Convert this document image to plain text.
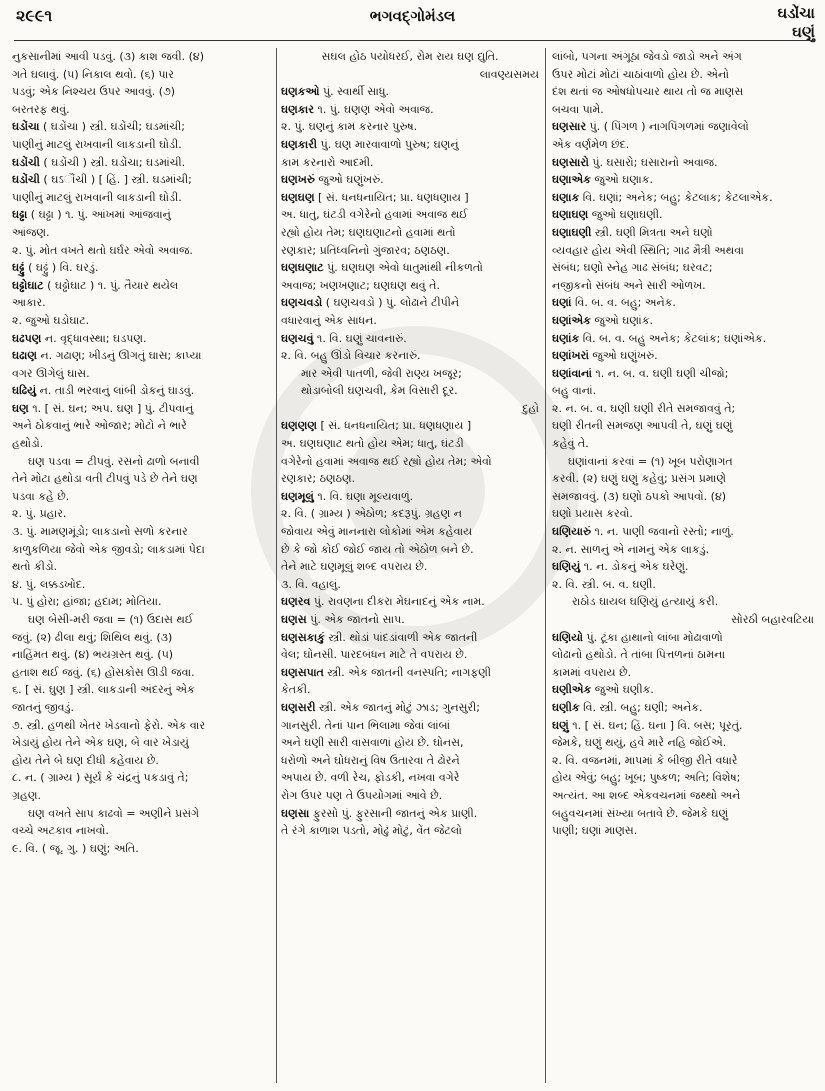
૨૯૯૧	ભગવદ્ગોમંડલ	ઘડોંચા
ઘણું
નુકસાનીમાં આવી પડવું. (૩) કાશ જવી. (૪)
ગતે ઘલાવું. (૫) નિકાલ થવો. (૬) પાર
પડવું; એક નિશ્ચય ઉપર આવવું. (૭)
બરતરફ થવું.
ઘડોંચા ( ઘડોંચા ) સ્ત્રી. ઘડોંચી; ઘડમાંચી;
પાણીનું માટલું રાખવાની લાકડાની ઘોડી.
ઘડોંચી ( ઘડોંચી ) સ્ત્રી. ઘડોંચા; ઘડમાંચી.
ઘડોંચી ( ઘઽૌંચી ) [ હિં. ] સ્ત્રી. ઘડમાંચી;
પાણીનું માટલું રાખવાની લાકડાની ઘોડી.
ઘઢ્ઢા ( ઘઢ્ઢા ) ૧. પું. આંખમાં આંજવાનું
આંજણ.
૨. પું. મોત વખતે થતો ઘર્ઘર એવો અવાજ.
ઘઢ્ઢું ( ઘઢ્ઢું ) વિ. ઘરડું.
ઘઢ્ઢોઘાટ ( ઘઢ્ઢોઘાટ ) ૧. પું. તૈયાર થયેલ
આકાર.
૨. જુઓ ઘડોઘાટ.
ઘઢપણ ન. વૃદ્ધાવસ્થા; ઘડપણ.
ઘઢાણ ન. ગઢાણ; ખીડનું ઊગતું ઘાસ; કાપ્યા
વગર ઊગેલું ઘાસ.
ઘઢિયું ન. તાડી ભરવાનું લાંબી ડોકનું ઘાડવું.
ઘણ ૧. [ સં. ઘન; અપ. ઘણ ] પું. ટીપવાનું
અને ઠોકવાનું ભારે ઓજાર; મોટો ને ભારે
હથોડો.
ઘણ પડવા = ટીપવું. રસનો ઢાળો બનાવી
તેને મોટા હથોડા વતી ટીપવું પડે છે તેને ઘણ
પડવા કહે છે.
૨. પું. પ્રહાર.
૩. પું. મામણમૂંડો; લાકડાનો સળો કરનાર
કાળુકળિયા જેવો એક જીવડો; લાકડામાં પેદા
થતો કીડો.
૪. પું. લક્કડખોદ.
૫. પું હોરા; હાંજા; હદામ; મોતિયા.
ઘણ બેસી-મરી જવા = (૧) ઉદાસ થઈ
જવું. (૨) ઢીલા થવું; શિથિલ થવું. (૩)
નાહિંમત થવું. (૪) ભયગ્રસ્ત થવું. (૫)
હતાશ થઈ જવું. (૬) હોસકોસ ઊડી જવા.
૬. [ સં. ઘુણ ] સ્ત્રી. લાકડાની અંદરનું એક
જાતનું જીવડું.
૭. સ્ત્રી. હળથી ખેતર ખેડવાનો ફેરો. એક વાર
ખેડાયું હોય તેને એક ઘણ, બે વાર ખેડાયું
હોય તેને બે ઘણ દીધી કહેવાય છે.
૮. ન. ( ગ્રામ્ય ) સૂર્ય કે ચંદ્રનું પકડાવું તે;
ગ્રહણ.
ઘણ વખતે સાપ કાઢવો = અણીને પ્રસંગે
વચ્ચે અટકાવ નાખવો.
૯. વિ. ( જૂ. ગુ. ) ઘણું; અતિ.
સઘલ હોઠ પયોધરઈ, રોમ રાય ઘણ દ્યુતિ.
લાવણ્યસમય
ઘણકઓ પું. સ્વાર્થી સાધુ.
ઘણકાર ૧. પું. ઘણણ એવો અવાજ.
૨. પું. ઘણનું કામ કરનાર પુરુષ.
ઘણકારી પું. ઘણ મારવાવાળો પુરુષ; ઘણનું
કામ કરનારો આદમી.
ઘણખરું જુઓ ઘણુંખરું.
ઘણઘણ [ સં. ધનધનાયિત; પ્રા. ધણધણાય ]
અ. ધાતુ, ઘંટડી વગેરેનો હવામાં અવાજ થઈ
રહ્યો હોય તેમ; ઘણઘણાટનો હવામાં થતો
રણકાર; પ્રતિધ્વનિનો ગુંજારવ; ઠણઠણ.
ઘણઘણાટ પું. ઘણઘણ એવો ધાતુમાંથી નીકળતો
અવાજ; ખણખણાટ; ઘણઘણ થવું તે.
ઘણચવડો ( ઘણચવડો ) પું. લોઢાને ટીપીને
વધારવાનું એક સાધન.
ઘણચવું ૧. વિ. ઘણું ચાવનારું.
૨. વિ. બહુ ઊંડો વિચાર કરનારું.
માર એવી પાતળી, જેવી રાણ્ય ખજૂર;
થોડાબોલી ઘણચવી, કેમ વિસારી દૂર.
દુહો
ઘણણણ [ સં. ધનધનાયિત; પ્રા. ધણધણાય ]
અ. ઘણઘણાટ થતો હોય એમ; ધાતુ, ઘંટડી
વગેરેનો હવામાં અવાજ થઈ રહ્યો હોય તેમ; એવો
રણકાર; ઠણઠણ.
ઘણમૂલું ૧. વિ. ઘણા મૂલ્યવાળું.
૨. વિ. ( ગ્રામ્ય ) એઠોળ; કદરૂપું. ગ્રહણ ન
જોવાય એવું માનનારા લોકોમાં એમ કહેવાય
છે કે જો કોઈ જોઈ જાય તો એઠોળ બને છે.
તેને માટે ઘણમૂલું શબ્દ વપરાય છે.
૩. વિ. વહાલું.
ઘણરવ પું. રાવણના દીકરા મેઘનાદનું એક નામ.
ઘણસ પું. એક જાતનો સાપ.
ઘણસકાકું સ્ત્રી. થોડાં પાંદડાંવાળી એક જાતની
વેલ; ઘોનસી. પારદબંધન માટે તે વપરાય છે.
ઘણસપાત સ્ત્રી. એક જાતની વનસ્પતિ; નાગફણી
કેતકી.
ઘણસરી સ્ત્રી. એક જાતનું મોટું ઝાડ; ગુનસુરી;
ગાનસુરી. તેનાં પાન ભિલામા જેવાં લાંબાં
અને ઘણી સારી વાસવાળાં હોય છે. ઘોનસ,
ધરોળો અને ઘોધરાનું વિષ ઉતારવા તે ઢોરને
અપાય છે. વળી રેચ, ફોડકી, નખવા વગેરે
રોગ ઉપર પણ તે ઉપયોગમાં આવે છે.
ઘણસા ફુરસો પું. ફુરસાની જાતનું એક પ્રાણી.
તે રંગે કાળાશ પડતો, મોઢું મોટું, વેંત જેટલો
લાંબો, પગના અંગૂઠા જેવડો જાડો અને અંગ
ઉપર મોટાં મોટાં ચાઠાંવાળો હોય છે. એનો
દંશ થતાં જ ઓષધોપચાર થાય તો જ માણસ
બચવા પામે.
ઘણસાર પું. ( પિંગળ ) નાગપિંગળમાં જણાવેલો
એક વર્ણમેળ છંદ.
ઘણસારો પું. ઘસારો; ઘસારાનો અવાજ.
ઘણાએક જુઓ ઘણાક.
ઘણાક વિ. ઘણાં; અનેક; બહુ; કેટલાક; કેટલાએક.
ઘણાઘણ જુઓ ઘણાઘણી.
ઘણાઘણી સ્ત્રી. ઘણી મિત્રતા અને ઘણો
વ્યવહાર હોય એવી સ્થિતિ; ગાઢ મૈત્રી અથવા
સંબંધ; ઘણો સ્નેહ ગાઢ સંબંધ; ઘરવટ;
નજીકનો સંબંધ અને સારી ઓળખ.
ઘણાં વિ. બ. વ. બહુ; અનેક.
ઘણાંએક જુઓ ઘણાંક.
ઘણાંક વિ. બ. વ. બહુ અનેક; કેટલાંક; ઘણાંએક.
ઘણાંખરાં જુઓ ઘણુંખરું.
ઘણાંવાનાં ૧. ન. બ. વ. ઘણી ઘણી ચીજો;
બહુ વાનાં.
૨. ન. બ. વ. ઘણી ઘણી રીતે સમજાવવું તે;
ઘણી રીતની સમજણ આપવી તે, ઘણું ઘણું
કહેવું તે.
ઘણાંવાનાં કરવાં = (૧) ખૂબ પરોણાગત
કરવી. (૨) ઘણું ઘણું કહેવું; પ્રસંગ પ્રમાણે
સમજાવવું. (૩) ઘણો ઠપકો આપવો. (૪)
ઘણો પ્રયાસ કરવો.
ઘણિયારું ૧. ન. પાણી જવાનો રસ્તો; નાળું.
૨. ન. સાળનું એ નામનું એક લાકડું.
ઘણિયું ૧. ન. ડોકનું એક ઘરેણું.
૨. વિ. સ્ત્રી. બ. વ. ઘણી.
રાઠોડ ઘાયલ ઘણિયું હત્યાયું કરી.
સોરઠી બહારવટિયા
ઘણિયો પું. ટૂંકા હાથાનો લાંબા મોઢાવાળો
લોઢાનો હથોડો. તે તાંબા પિત્તળનાં ઠામના
કામમાં વપરાય છે.
ઘણીએક જુઓ ઘણીક.
ઘણીક વિ. સ્ત્રી. બહુ; ઘણી; અનેક.
ઘણું ૧. [ સં. ઘન; હિં. ઘના ] વિ. બસ; પૂરતું.
જેમકે, ઘણું થયું, હવે મારે નહિ જોઈએ.
૨. વિ. વજનમાં, માપમાં કે બીજી રીતે વધારે
હોય એવું; બહુ; ખૂબ; પુષ્કળ; અતિ; વિશેષ;
અત્યંત. આ શબ્દ એકવચનમાં જથ્થો અને
બહુવચનમાં સંખ્યા બતાવે છે. જેમકે ઘણું
પાણી; ઘણાં માણસ.
